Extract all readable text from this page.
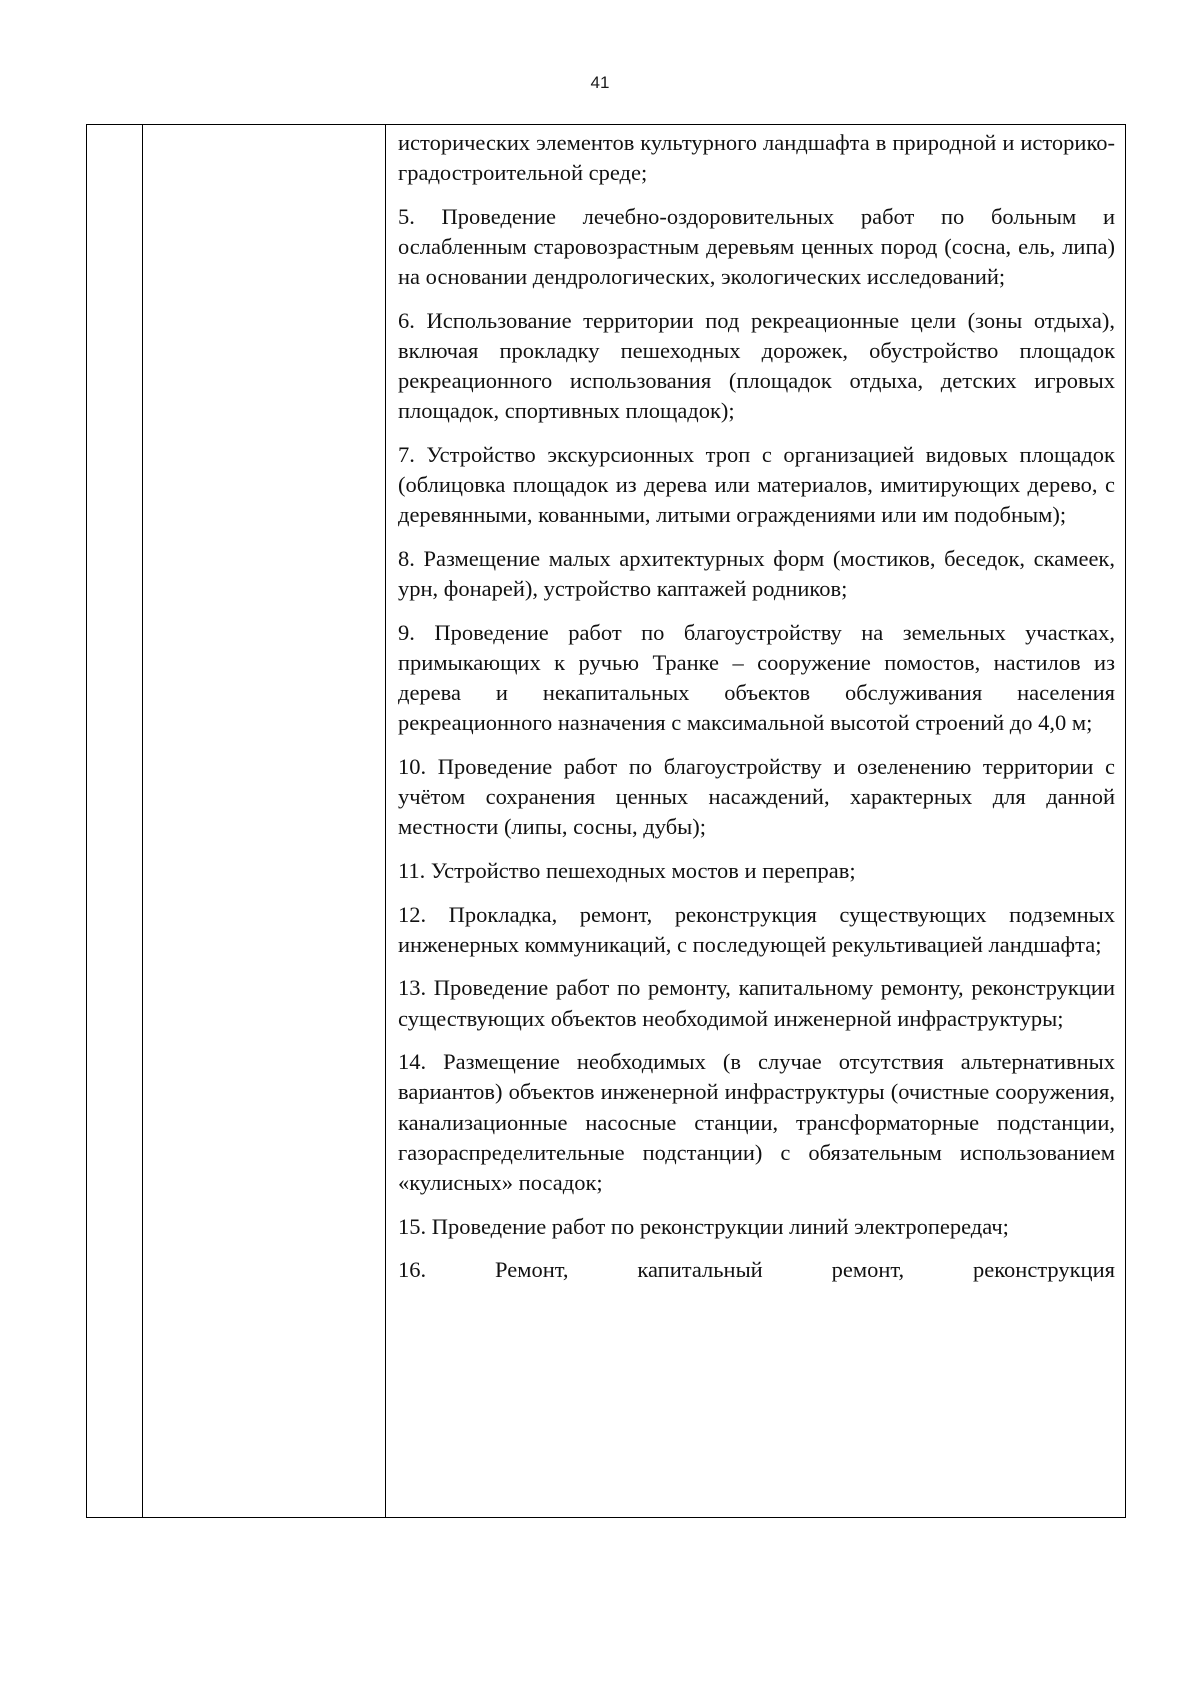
41

исторических элементов культурного ландшафта в природной и историко-градостроительной среде;

5. Проведение лечебно-оздоровительных работ по больным и ослабленным старовозрастным деревьям ценных пород (сосна, ель, липа) на основании дендрологических, экологических исследований;

6. Использование территории под рекреационные цели (зоны отдыха), включая прокладку пешеходных дорожек, обустройство площадок рекреационного использования (площадок отдыха, детских игровых площадок, спортивных площадок);

7. Устройство экскурсионных троп с организацией видовых площадок (облицовка площадок из дерева или материалов, имитирующих дерево, с деревянными, кованными, литыми ограждениями или им подобным);

8. Размещение малых архитектурных форм (мостиков, беседок, скамеек, урн, фонарей), устройство каптажей родников;

9. Проведение работ по благоустройству на земельных участках, примыкающих к ручью Транке – сооружение помостов, настилов из дерева и некапитальных объектов обслуживания населения рекреационного назначения с максимальной высотой строений до 4,0 м;

10. Проведение работ по благоустройству и озеленению территории с учётом сохранения ценных насаждений, характерных для данной местности (липы, сосны, дубы);

11. Устройство пешеходных мостов и переправ;

12. Прокладка, ремонт, реконструкция существующих подземных инженерных коммуникаций, с последующей рекультивацией ландшафта;

13. Проведение работ по ремонту, капитальному ремонту, реконструкции существующих объектов необходимой инженерной инфраструктуры;

14. Размещение необходимых (в случае отсутствия альтернативных вариантов) объектов инженерной инфраструктуры (очистные сооружения, канализационные насосные станции, трансформаторные подстанции, газораспределительные подстанции) с обязательным использованием «кулисных» посадок;

15. Проведение работ по реконструкции линий электропередач;

16. Ремонт, капитальный ремонт, реконструкция
